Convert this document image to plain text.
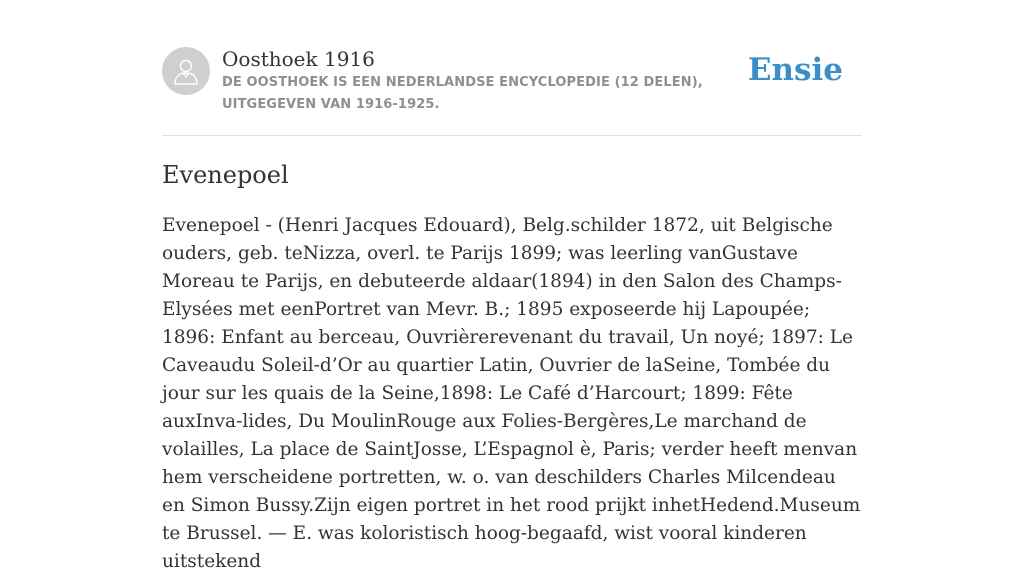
Oosthoek 1916
DE OOSTHOEK IS EEN NEDERLANDSE ENCYCLOPEDIE (12 DELEN), UITGEGEVEN VAN 1916-1925.
Ensie
Evenepoel

Evenepoel - (Henri Jacques Edouard), Belg.schilder 1872, uit Belgische ouders, geb. teNizza, overl. te Parijs 1899; was leerling vanGustave Moreau te Parijs, en debuteerde aldaar(1894) in den Salon des Champs-Elysées met eenPortret van Mevr. B.; 1895 exposeerde hij Lapoupée; 1896: Enfant au berceau, Ouvrièrerevenant du travail, Un noyé; 1897: Le Caveaudu Soleil-d’Or au quartier Latin, Ouvrier de laSeine, Tombée du jour sur les quais de la Seine,1898: Le Café d’Harcourt; 1899: Fête auxInva-lides, Du MoulinRouge aux Folies-Bergères,Le marchand de volailles, La place de SaintJosse, L’Espagnol è, Paris; verder heeft menvan hem verscheidene portretten, w. o. van deschilders Charles Milcendeau en Simon Bussy.Zijn eigen portret in het rood prijkt inhetHedend.Museum te Brussel. — E. was koloristisch hoog-begaafd, wist vooral kinderen uitstekend
